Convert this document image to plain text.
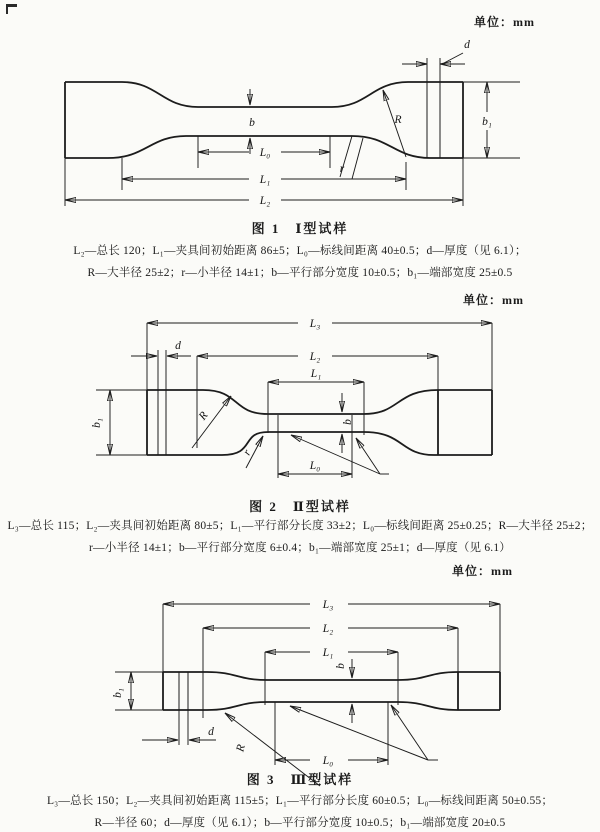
单位：mm
d
b	b₁
R
r
L₀
L₁
L₂
图 1　Ⅰ型试样
L₂—总长 120；L₁—夹具间初始距离 86±5；L₀—标线间距离 40±0.5；d—厚度（见 6.1）；
R—大半径 25±2；r—小半径 14±1；b—平行部分宽度 10±0.5；b₁—端部宽度 25±0.5
单位：mm
d
b₁
L₃
L₂
L₁
L₀
b
R
r
图 2　Ⅱ型试样
L₃—总长 115；L₂—夹具间初始距离 80±5；L₁—平行部分长度 33±2；L₀—标线间距离 25±0.25；R—大半径 25±2；
r—小半径 14±1；b—平行部分宽度 6±0.4；b₁—端部宽度 25±1；d—厚度（见 6.1）
单位：mm
d
b₁
L₃
L₂
L₁
L₀
b
R
图 3　Ⅲ型试样
L₃—总长 150；L₂—夹具间初始距离 115±5；L₁—平行部分长度 60±0.5；L₀—标线间距离 50±0.55；
R—半径 60；d—厚度（见 6.1）；b—平行部分宽度 10±0.5；b₁—端部宽度 20±0.5
